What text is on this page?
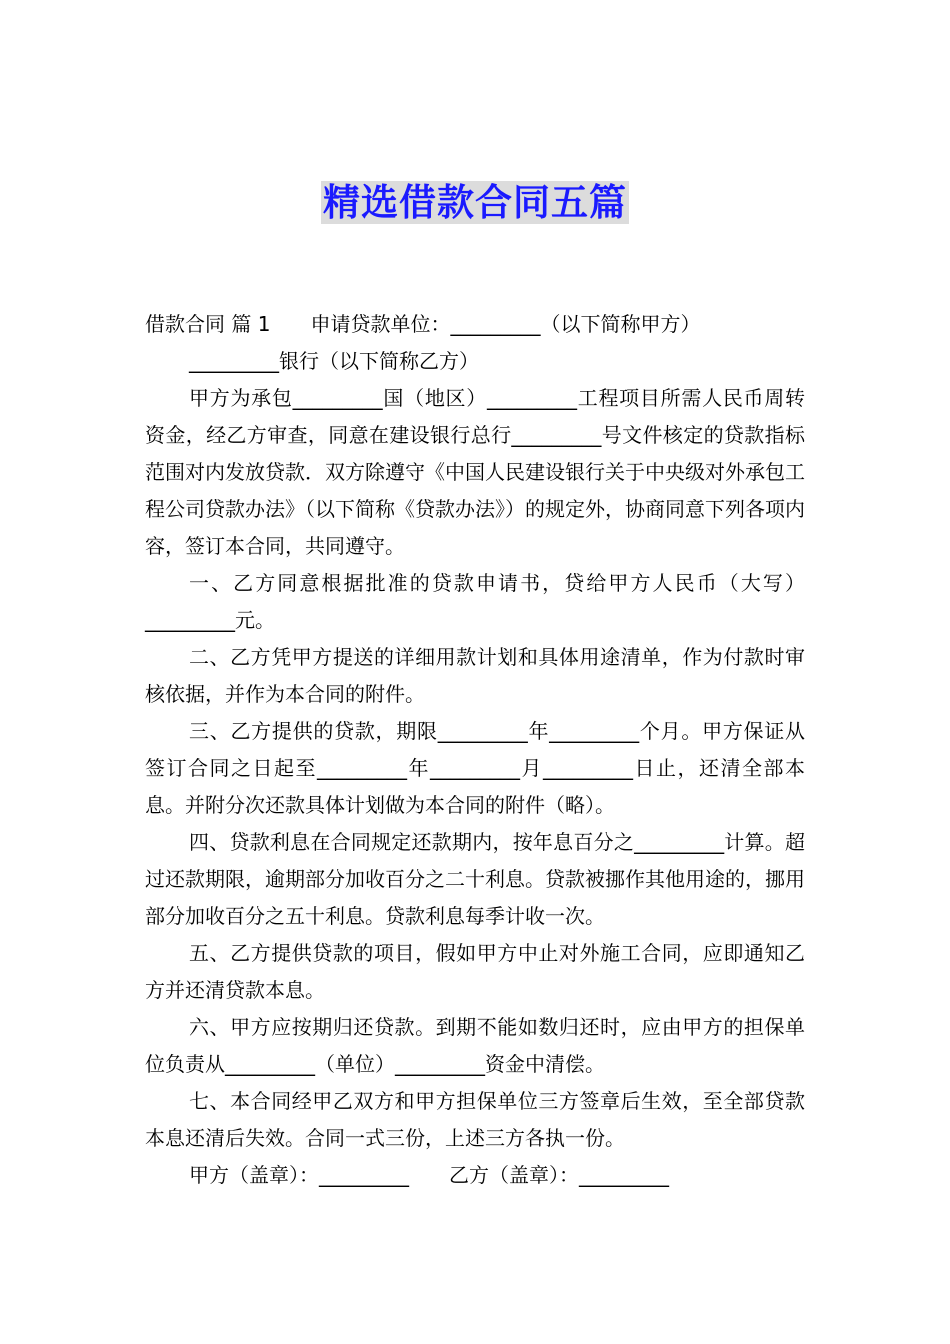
精选借款合同五篇

借款合同 篇 1 申请贷款单位：_________（以下简称甲方）

_________银行（以下简称乙方）

甲方为承包_________国（地区）_________工程项目所需人民币周转资金，经乙方审查，同意在建设银行总行_________号文件核定的贷款指标范围对内发放贷款．双方除遵守《中国人民建设银行关于中央级对外承包工程公司贷款办法》（以下简称《贷款办法》）的规定外，协商同意下列各项内容，签订本合同，共同遵守。

一、乙方同意根据批准的贷款申请书，贷给甲方人民币（大写）_________元。

二、乙方凭甲方提送的详细用款计划和具体用途清单，作为付款时审核依据，并作为本合同的附件。

三、乙方提供的贷款，期限_________年_________个月。甲方保证从签订合同之日起至_________年_________月_________日止，还清全部本息。并附分次还款具体计划做为本合同的附件（略）。

四、贷款利息在合同规定还款期内，按年息百分之_________计算。超过还款期限，逾期部分加收百分之二十利息。贷款被挪作其他用途的，挪用部分加收百分之五十利息。贷款利息每季计收一次。

五、乙方提供贷款的项目，假如甲方中止对外施工合同，应即通知乙方并还清贷款本息。

六、甲方应按期归还贷款。到期不能如数归还时，应由甲方的担保单位负责从_________（单位）_________资金中清偿。

七、本合同经甲乙双方和甲方担保单位三方签章后生效，至全部贷款本息还清后失效。合同一式三份，上述三方各执一份。

甲方（盖章）：_________ 乙方（盖章）：_________
